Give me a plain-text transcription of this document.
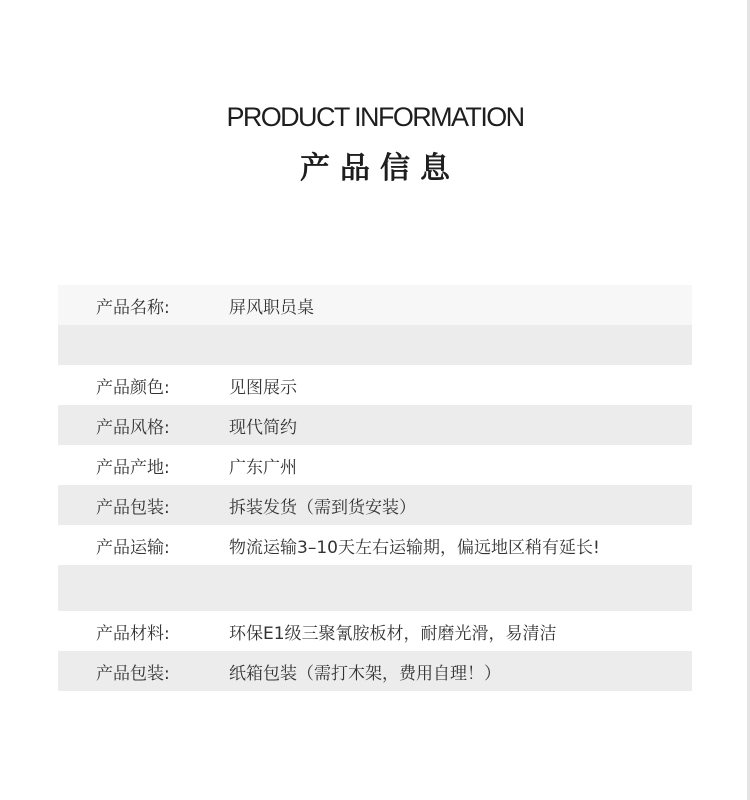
PRODUCT INFORMATION
产品信息
产品名称:	屏风职员桌
产品颜色:	见图展示
产品风格:	现代简约
产品产地:	广东广州
产品包装:	拆装发货（需到货安装）
产品运输:	物流运输3–10天左右运输期，偏远地区稍有延长!
产品材料:	环保E1级三聚氰胺板材，耐磨光滑，易清洁
产品包装:	纸箱包装（需打木架，费用自理！）
